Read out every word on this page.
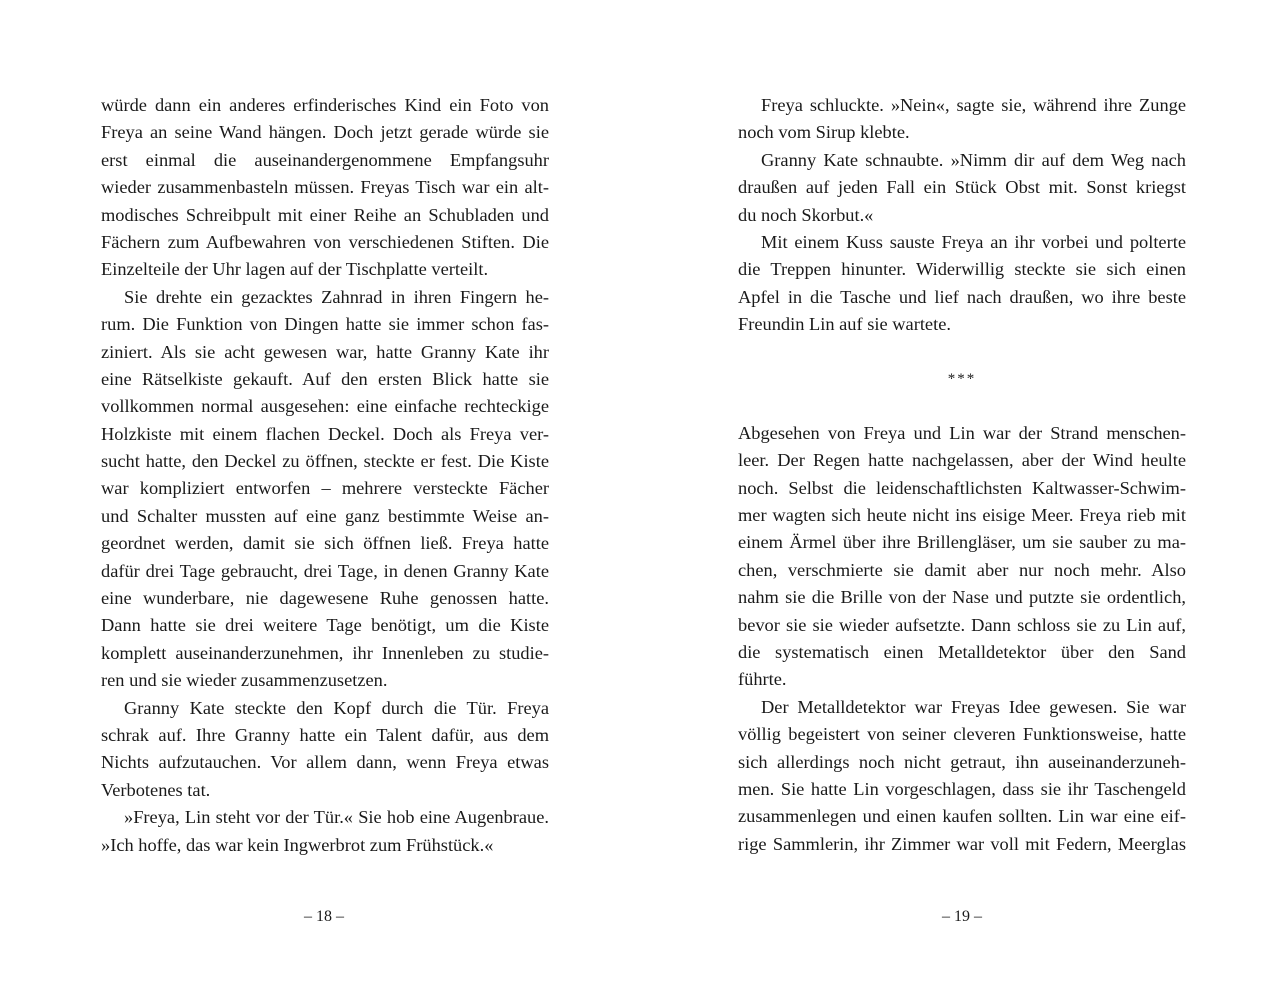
würde dann ein anderes erfinderisches Kind ein Foto von
Freya an seine Wand hängen. Doch jetzt gerade würde sie
erst einmal die auseinandergenommene Empfangsuhr
wieder zusammenbasteln müssen. Freyas Tisch war ein alt-
modisches Schreibpult mit einer Reihe an Schubladen und
Fächern zum Aufbewahren von verschiedenen Stiften. Die
Einzelteile der Uhr lagen auf der Tischplatte verteilt.
Sie drehte ein gezacktes Zahnrad in ihren Fingern he-
rum. Die Funktion von Dingen hatte sie immer schon fas-
ziniert. Als sie acht gewesen war, hatte Granny Kate ihr
eine Rätselkiste gekauft. Auf den ersten Blick hatte sie
vollkommen normal ausgesehen: eine einfache rechteckige
Holzkiste mit einem flachen Deckel. Doch als Freya ver-
sucht hatte, den Deckel zu öffnen, steckte er fest. Die Kiste
war kompliziert entworfen – mehrere versteckte Fächer
und Schalter mussten auf eine ganz bestimmte Weise an-
geordnet werden, damit sie sich öffnen ließ. Freya hatte
dafür drei Tage gebraucht, drei Tage, in denen Granny Kate
eine wunderbare, nie dagewesene Ruhe genossen hatte.
Dann hatte sie drei weitere Tage benötigt, um die Kiste
komplett auseinanderzunehmen, ihr Innenleben zu studie-
ren und sie wieder zusammenzusetzen.
Granny Kate steckte den Kopf durch die Tür. Freya
schrak auf. Ihre Granny hatte ein Talent dafür, aus dem
Nichts aufzutauchen. Vor allem dann, wenn Freya etwas
Verbotenes tat.
»Freya, Lin steht vor der Tür.« Sie hob eine Augenbraue.
»Ich hoffe, das war kein Ingwerbrot zum Frühstück.«
– 18 –
Freya schluckte. »Nein«, sagte sie, während ihre Zunge
noch vom Sirup klebte.
Granny Kate schnaubte. »Nimm dir auf dem Weg nach
draußen auf jeden Fall ein Stück Obst mit. Sonst kriegst
du noch Skorbut.«
Mit einem Kuss sauste Freya an ihr vorbei und polterte
die Treppen hinunter. Widerwillig steckte sie sich einen
Apfel in die Tasche und lief nach draußen, wo ihre beste
Freundin Lin auf sie wartete.
***
Abgesehen von Freya und Lin war der Strand menschen-
leer. Der Regen hatte nachgelassen, aber der Wind heulte
noch. Selbst die leidenschaftlichsten Kaltwasser-Schwim-
mer wagten sich heute nicht ins eisige Meer. Freya rieb mit
einem Ärmel über ihre Brillengläser, um sie sauber zu ma-
chen, verschmierte sie damit aber nur noch mehr. Also
nahm sie die Brille von der Nase und putzte sie ordentlich,
bevor sie sie wieder aufsetzte. Dann schloss sie zu Lin auf,
die systematisch einen Metalldetektor über den Sand
führte.
Der Metalldetektor war Freyas Idee gewesen. Sie war
völlig begeistert von seiner cleveren Funktionsweise, hatte
sich allerdings noch nicht getraut, ihn auseinanderzuneh-
men. Sie hatte Lin vorgeschlagen, dass sie ihr Taschengeld
zusammenlegen und einen kaufen sollten. Lin war eine eif-
rige Sammlerin, ihr Zimmer war voll mit Federn, Meerglas
– 19 –
